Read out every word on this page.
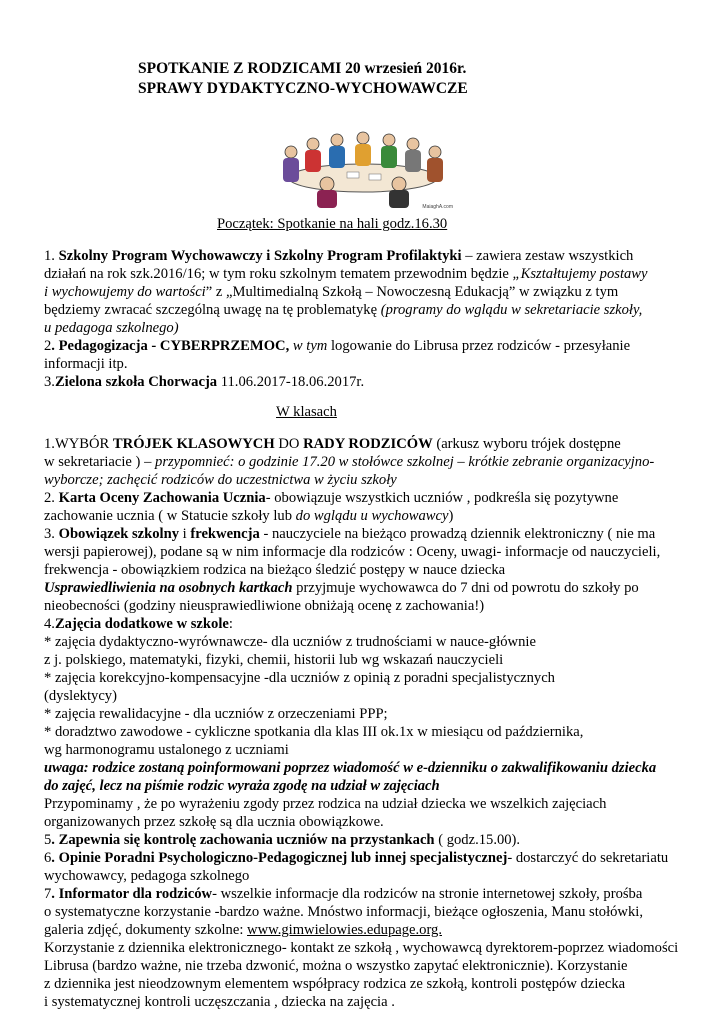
SPOTKANIE Z RODZICAMI 20 wrzesień 2016r.
SPRAWY DYDAKTYCZNO-WYCHOWAWCZE
MaiaghA.com
Początek: Spotkanie na hali godz.16.30
1. Szkolny Program Wychowawczy i Szkolny Program Profilaktyki – zawiera zestaw wszystkich
działań na rok szk.2016/16; w tym roku szkolnym tematem przewodnim będzie „Kształtujemy postawy
i wychowujemy do wartości” z „Multimedialną Szkołą – Nowoczesną Edukacją” w związku z tym
będziemy zwracać szczególną uwagę na tę problematykę (programy do wglądu w sekretariacie szkoły,
u pedagoga szkolnego)
2. Pedagogizacja - CYBERPRZEMOC, w tym logowanie do Librusa przez rodziców - przesyłanie
informacji itp.
3.Zielona szkoła Chorwacja 11.06.2017-18.06.2017r.
W klasach
1.WYBÓR TRÓJEK KLASOWYCH DO RADY RODZICÓW (arkusz wyboru trójek dostępne
w sekretariacie ) – przypomnieć: o godzinie 17.20 w stołówce szkolnej – krótkie zebranie organizacyjno-
wyborcze; zachęcić rodziców do uczestnictwa w życiu szkoły
2. Karta Oceny Zachowania Ucznia- obowiązuje wszystkich uczniów , podkreśla się pozytywne
zachowanie ucznia ( w Statucie szkoły lub do wglądu u wychowawcy)
3. Obowiązek szkolny i frekwencja - nauczyciele na bieżąco prowadzą dziennik elektroniczny ( nie ma
wersji papierowej), podane są w nim informacje dla rodziców : Oceny, uwagi- informacje od nauczycieli,
frekwencja - obowiązkiem rodzica na bieżąco śledzić postępy w nauce dziecka
Usprawiedliwienia na osobnych kartkach przyjmuje wychowawca do 7 dni od powrotu do szkoły po
nieobecności (godziny nieusprawiedliwione obniżają ocenę z zachowania!)
4.Zajęcia dodatkowe w szkole:
* zajęcia dydaktyczno-wyrównawcze- dla uczniów z trudnościami w nauce-głównie
z j. polskiego, matematyki, fizyki, chemii, historii lub wg wskazań nauczycieli
* zajęcia korekcyjno-kompensacyjne -dla uczniów z opinią z poradni specjalistycznych
(dyslektycy)
* zajęcia rewalidacyjne - dla uczniów z orzeczeniami PPP;
* doradztwo zawodowe - cykliczne spotkania dla klas III ok.1x w miesiącu od października,
wg harmonogramu ustalonego z uczniami
uwaga: rodzice zostaną poinformowani poprzez wiadomość w e-dzienniku o zakwalifikowaniu dziecka
do zajęć, lecz na piśmie rodzic wyraża zgodę na udział w zajęciach
Przypominamy , że po wyrażeniu zgody przez rodzica na udział dziecka we wszelkich zajęciach
organizowanych przez szkołę są dla ucznia obowiązkowe.
5. Zapewnia się kontrolę zachowania uczniów na przystankach ( godz.15.00).
6. Opinie Poradni Psychologiczno-Pedagogicznej lub innej specjalistycznej- dostarczyć do sekretariatu
wychowawcy, pedagoga szkolnego
7. Informator dla rodziców- wszelkie informacje dla rodziców na stronie internetowej szkoły, prośba
o systematyczne korzystanie -bardzo ważne. Mnóstwo informacji, bieżące ogłoszenia, Manu stołówki,
galeria zdjęć, dokumenty szkolne: www.gimwielowies.edupage.org.
Korzystanie z dziennika elektronicznego- kontakt ze szkołą , wychowawcą dyrektorem-poprzez wiadomości
Librusa (bardzo ważne, nie trzeba dzwonić, można o wszystko zapytać elektronicznie). Korzystanie
z dziennika jest nieodzownym elementem współpracy rodzica ze szkołą, kontroli postępów dziecka
i systematycznej kontroli uczęszczania , dziecka na zajęcia .
